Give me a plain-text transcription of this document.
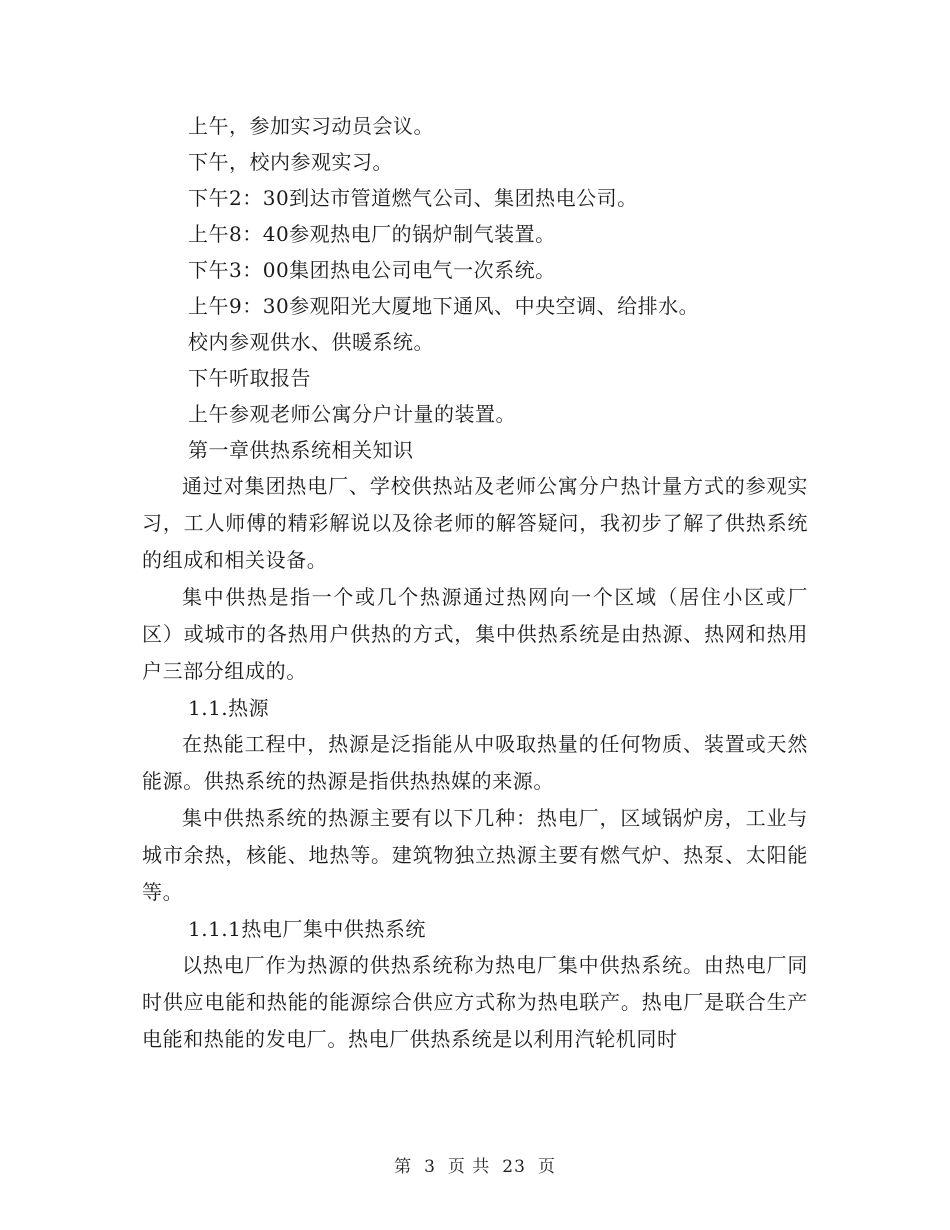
上午，参加实习动员会议。
下午，校内参观实习。
下午2：30到达市管道燃气公司、集团热电公司。
上午8：40参观热电厂的锅炉制气装置。
下午3：00集团热电公司电气一次系统。
上午9：30参观阳光大厦地下通风、中央空调、给排水。
校内参观供水、供暖系统。
下午听取报告
上午参观老师公寓分户计量的装置。
第一章供热系统相关知识

通过对集团热电厂、学校供热站及老师公寓分户热计量方式的参观实习，工人师傅的精彩解说以及徐老师的解答疑问，我初步了解了供热系统的组成和相关设备。

集中供热是指一个或几个热源通过热网向一个区域（居住小区或厂区）或城市的各热用户供热的方式，集中供热系统是由热源、热网和热用户三部分组成的。

1.1.热源

在热能工程中，热源是泛指能从中吸取热量的任何物质、装置或天然能源。供热系统的热源是指供热热媒的来源。

集中供热系统的热源主要有以下几种：热电厂，区域锅炉房，工业与城市余热，核能、地热等。建筑物独立热源主要有燃气炉、热泵、太阳能等。

1.1.1热电厂集中供热系统

以热电厂作为热源的供热系统称为热电厂集中供热系统。由热电厂同时供应电能和热能的能源综合供应方式称为热电联产。热电厂是联合生产电能和热能的发电厂。热电厂供热系统是以利用汽轮机同时

第 3 页 共 23 页
